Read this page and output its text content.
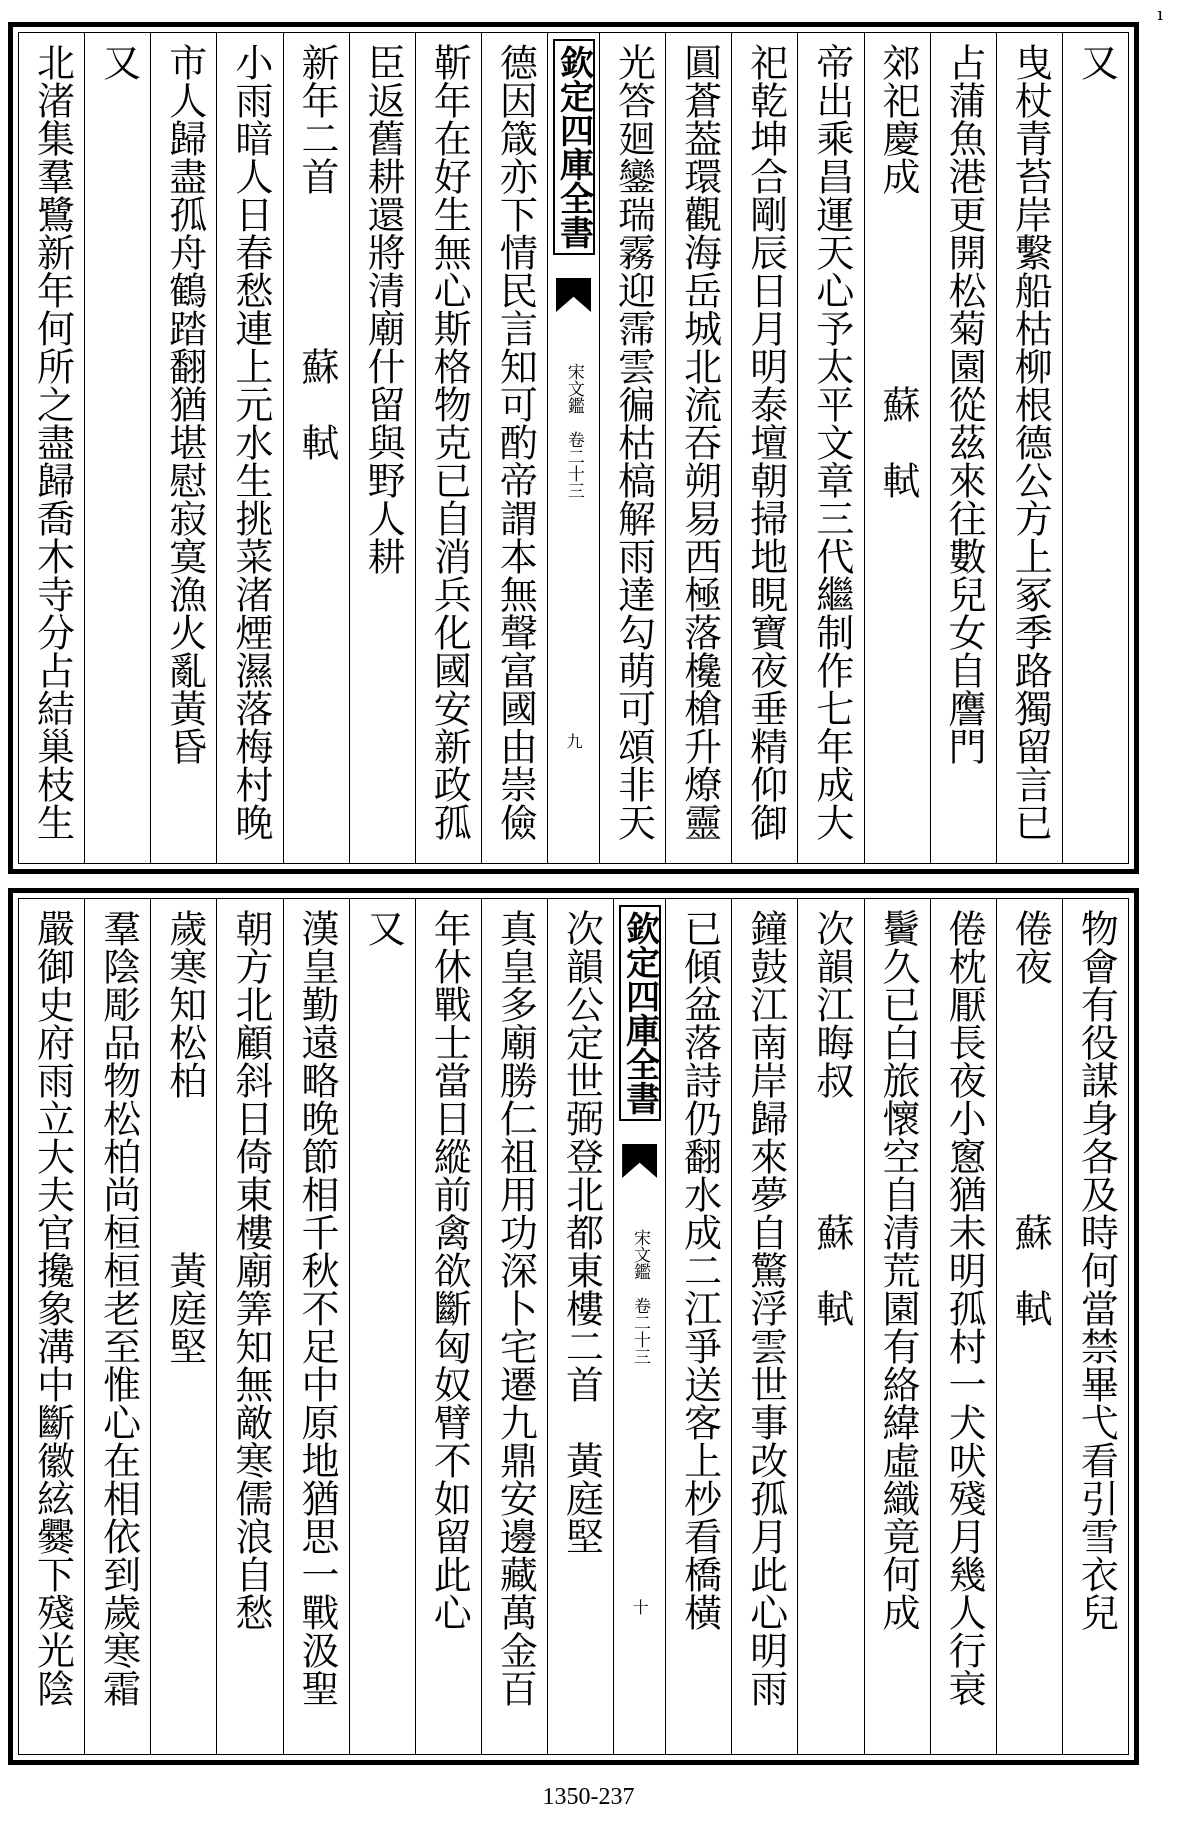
ı
又
曳杖青苔岸繫船枯柳根德公方上冢季路獨留言已
占蒲魚港更開松菊園從茲來往數兒女自譍門
郊祀慶成　　　　　蘇　軾
帝出乘昌運天心予太平文章三代繼制作七年成大
祀乾坤合剛辰日月明泰壇朝掃地睍寶夜垂精仰御
圓蒼葢環觀海岳城北流吞朔易西極落欃槍升燎靈
光答廻鑾瑞霧迎霈雲徧枯槁解雨達勾萌可頌非天
欽定四庫全書
宋文鑑　卷二十三
九
德因箴亦下情民言知可酌帝謂本無聲富國由崇儉
靳年在好生無心斯格物克已自消兵化國安新政孤
臣返舊耕還將清廟什留與野人耕
新年二首　　　　蘇　軾
小雨暗人日春愁連上元水生挑菜渚煙濕落梅村晚
市人歸盡孤舟鶴踏翻猶堪慰寂寞漁火亂黃昏
又
北渚集羣鷺新年何所之盡歸喬木寺分占結巢枝生
物會有役謀身各及時何當禁畢弋看引雪衣兒
倦夜　　　　　　蘇　軾
倦枕厭長夜小窻猶未明孤村一犬吠殘月幾人行衰
鬢久已白旅懷空自清荒園有絡緯虛織竟何成
次韻江晦叔　　　蘇　軾
鐘鼓江南岸歸來夢自驚浮雲世事改孤月此心明雨
已傾盆落詩仍翻水成二江爭送客上杪看橋橫
欽定四庫全書
宋文鑑　卷二十三
十
次韻公定世弼登北都東樓二首　黃庭堅
真皇多廟勝仁祖用功深卜宅遷九鼎安邊藏萬金百
年休戰士當日縱前禽欲斷匈奴臂不如留此心
又
漢皇勤遠略晚節相千秋不足中原地猶思一戰汲聖
朝方北顧斜日倚東樓廟筭知無敵寒儒浪自愁
歲寒知松柏　　　　黃庭堅
羣陰彫品物松柏尚桓桓老至惟心在相依到歲寒霜
嚴御史府雨立大夫官攙象溝中斷徽絃爨下殘光陰
1350-237
